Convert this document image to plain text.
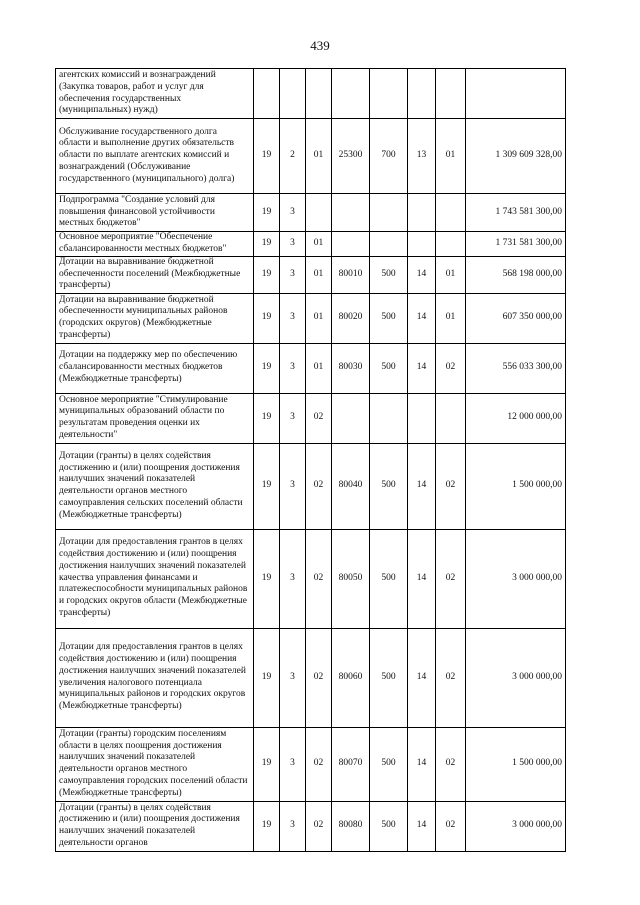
439
агентских комиссий и вознаграждений (Закупка товаров, работ и услуг для обеспечения государственных (муниципальных) нужд)								
Обслуживание государственного долга области и выполнение других обязательств области по выплате агентских комиссий и вознаграждений (Обслуживание государственного (муниципального) долга)	19	2	01	25300	700	13	01	1 309 609 328,00
Подпрограмма "Создание условий для повышения финансовой устойчивости местных бюджетов"	19	3						1 743 581 300,00
Основное мероприятие "Обеспечение сбалансированности местных бюджетов"	19	3	01					1 731 581 300,00
Дотации на выравнивание бюджетной обеспеченности поселений (Межбюджетные трансферты)	19	3	01	80010	500	14	01	568 198 000,00
Дотации на выравнивание бюджетной обеспеченности муниципальных районов (городских округов) (Межбюджетные трансферты)	19	3	01	80020	500	14	01	607 350 000,00
Дотации на поддержку мер по обеспечению сбалансированности местных бюджетов (Межбюджетные трансферты)	19	3	01	80030	500	14	02	556 033 300,00
Основное мероприятие "Стимулирование муниципальных образований области по результатам проведения оценки их деятельности"	19	3	02					12 000 000,00
Дотации (гранты) в целях содействия достижению и (или) поощрения достижения наилучших значений показателей деятельности органов местного самоуправления сельских поселений области (Межбюджетные трансферты)	19	3	02	80040	500	14	02	1 500 000,00
Дотации для предоставления грантов в целях содействия достижению и (или) поощрения достижения наилучших значений показателей качества управления финансами и платежеспособности муниципальных районов и городских округов области (Межбюджетные трансферты)	19	3	02	80050	500	14	02	3 000 000,00
Дотации для предоставления грантов в целях содействия достижению и (или) поощрения достижения наилучших значений показателей увеличения налогового потенциала муниципальных районов и городских округов (Межбюджетные трансферты)	19	3	02	80060	500	14	02	3 000 000,00
Дотации (гранты) городским поселениям области в целях поощрения достижения наилучших значений показателей деятельности органов местного самоуправления городских поселений области (Межбюджетные трансферты)	19	3	02	80070	500	14	02	1 500 000,00
Дотации (гранты) в целях содействия достижению и (или) поощрения достижения наилучших значений показателей деятельности органов	19	3	02	80080	500	14	02	3 000 000,00
